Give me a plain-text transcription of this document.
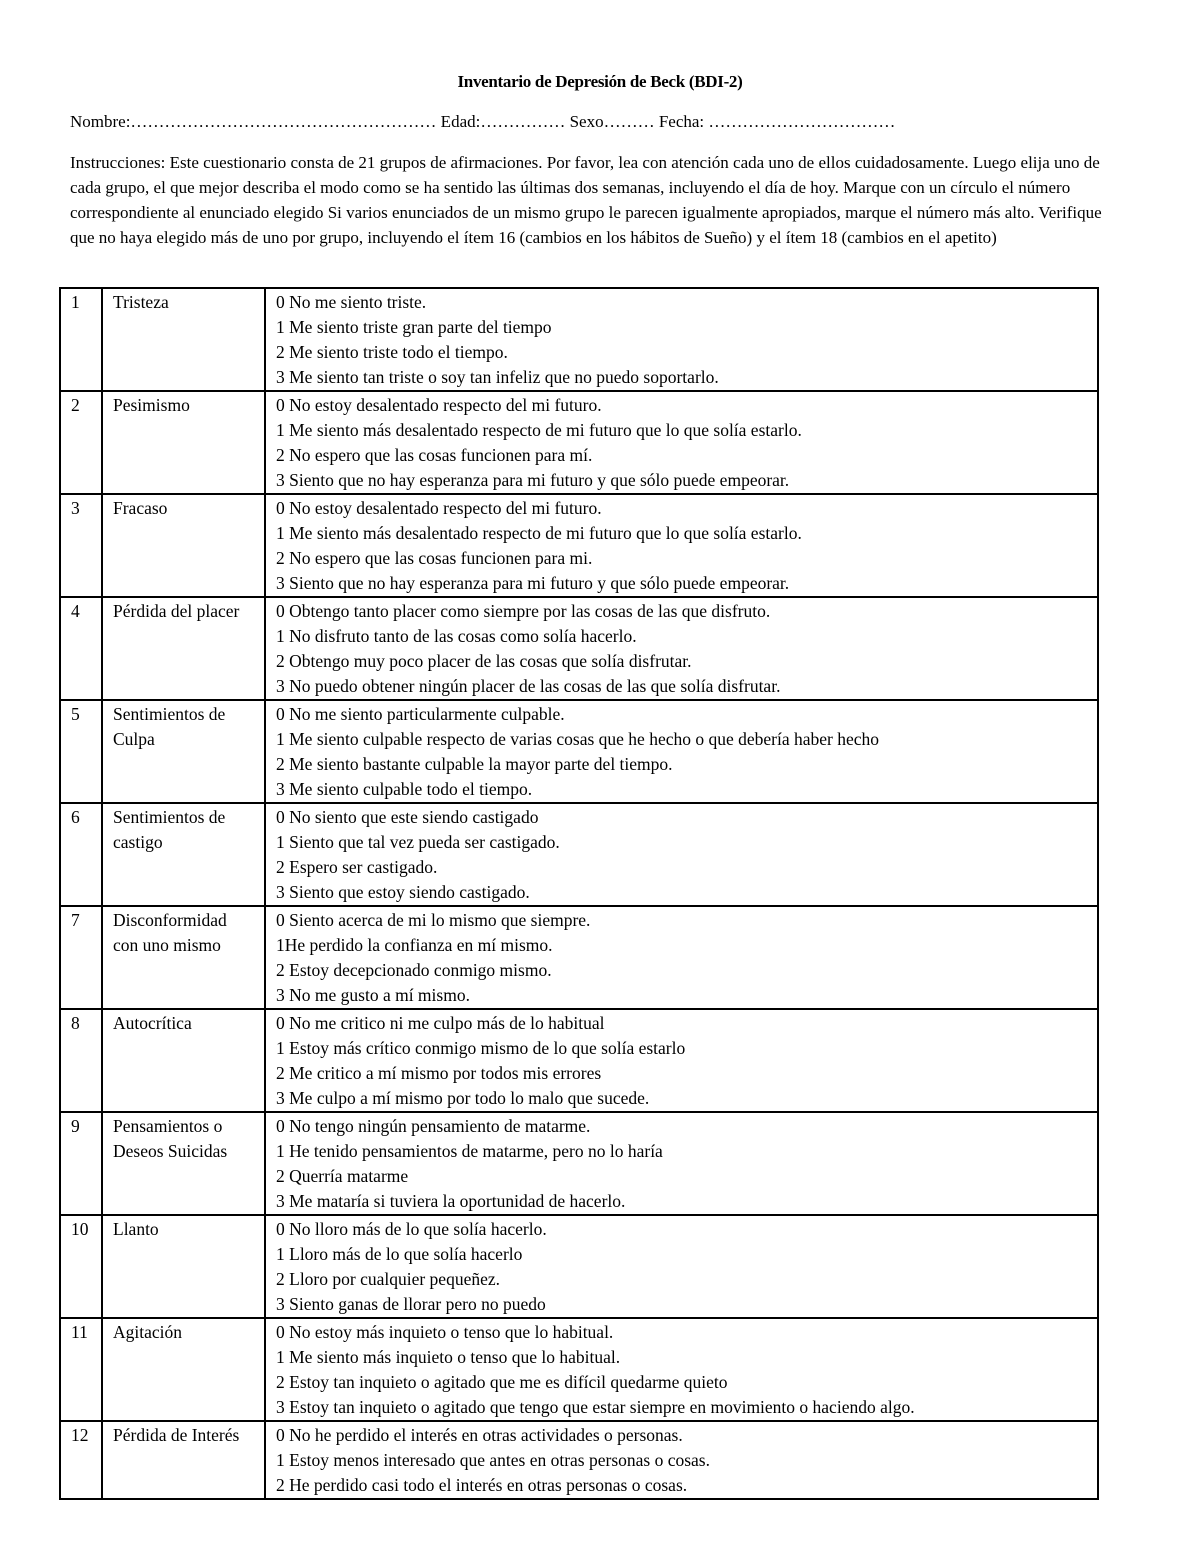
Inventario de Depresión de Beck (BDI-2)
Nombre:……………………………………………… Edad:…………… Sexo……… Fecha: ……………………………
Instrucciones: Este cuestionario consta de 21 grupos de afirmaciones. Por favor, lea con atención cada uno de ellos cuidadosamente. Luego elija uno de cada grupo, el que mejor describa el modo como se ha sentido las últimas dos semanas, incluyendo el día de hoy. Marque con un círculo el número correspondiente al enunciado elegido Si varios enunciados de un mismo grupo le parecen igualmente apropiados, marque el número más alto. Verifique que no haya elegido más de uno por grupo, incluyendo el ítem 16 (cambios en los hábitos de Sueño) y el ítem 18 (cambios en el apetito)
1	Tristeza	0 No me siento triste.
1 Me siento triste gran parte del tiempo
2 Me siento triste todo el tiempo.
3 Me siento tan triste o soy tan infeliz que no puedo soportarlo.

2	Pesimismo	0 No estoy desalentado respecto del mi futuro.
1 Me siento más desalentado respecto de mi futuro que lo que solía estarlo.
2 No espero que las cosas funcionen para mí.
3 Siento que no hay esperanza para mi futuro y que sólo puede empeorar.

3	Fracaso	0 No estoy desalentado respecto del mi futuro.
1 Me siento más desalentado respecto de mi futuro que lo que solía estarlo.
2 No espero que las cosas funcionen para mi.
3 Siento que no hay esperanza para mi futuro y que sólo puede empeorar.

4	Pérdida del placer	0 Obtengo tanto placer como siempre por las cosas de las que disfruto.
1 No disfruto tanto de las cosas como solía hacerlo.
2 Obtengo muy poco placer de las cosas que solía disfrutar.
3 No puedo obtener ningún placer de las cosas de las que solía disfrutar.

5	Sentimientos de Culpa	0 No me siento particularmente culpable.
1 Me siento culpable respecto de varias cosas que he hecho o que debería haber hecho
2 Me siento bastante culpable la mayor parte del tiempo.
3 Me siento culpable todo el tiempo.

6	Sentimientos de castigo	0 No siento que este siendo castigado
1 Siento que tal vez pueda ser castigado.
2 Espero ser castigado.
3 Siento que estoy siendo castigado.

7	Disconformidad con uno mismo	0 Siento acerca de mi lo mismo que siempre.
1He perdido la confianza en mí mismo.
2 Estoy decepcionado conmigo mismo.
3 No me gusto a mí mismo.

8	Autocrítica	0 No me critico ni me culpo más de lo habitual
1 Estoy más crítico conmigo mismo de lo que solía estarlo
2 Me critico a mí mismo por todos mis errores
3 Me culpo a mí mismo por todo lo malo que sucede.

9	Pensamientos o Deseos Suicidas	0 No tengo ningún pensamiento de matarme.
1 He tenido pensamientos de matarme, pero no lo haría
2 Querría matarme
3 Me mataría si tuviera la oportunidad de hacerlo.

10	Llanto	0 No lloro más de lo que solía hacerlo.
1 Lloro más de lo que solía hacerlo
2 Lloro por cualquier pequeñez.
3 Siento ganas de llorar pero no puedo

11	Agitación	0 No estoy más inquieto o tenso que lo habitual.
1 Me siento más inquieto o tenso que lo habitual.
2 Estoy tan inquieto o agitado que me es difícil quedarme quieto
3 Estoy tan inquieto o agitado que tengo que estar siempre en movimiento o haciendo algo.

12	Pérdida de Interés	0 No he perdido el interés en otras actividades o personas.
1 Estoy menos interesado que antes en otras personas o cosas.
2 He perdido casi todo el interés en otras personas o cosas.
